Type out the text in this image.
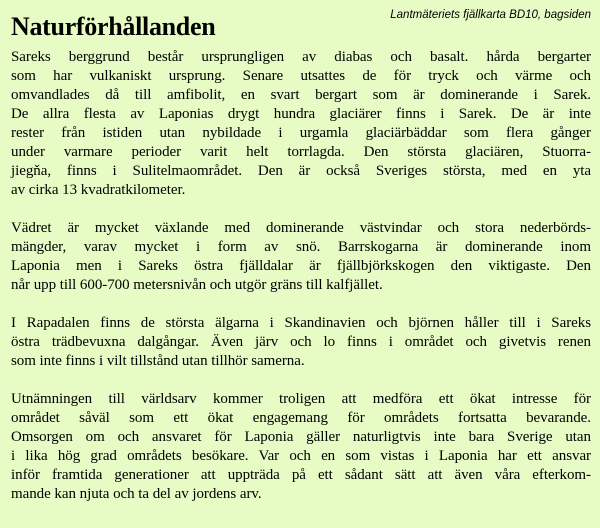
Naturförhållanden	Lantmäteriets fjällkarta BD10, bagsiden

Sareks berggrund består ursprungligen av diabas och basalt. hårda bergarter
som har vulkaniskt ursprung. Senare utsattes de för tryck och värme och
omvandlades då till amfibolit, en svart bergart som är dominerande i Sarek.
De allra flesta av Laponias drygt hundra glaciärer finns i Sarek. De är inte
rester från istiden utan nybildade i urgamla glaciärbäddar som flera gånger
under varmare perioder varit helt torrlagda. Den största glaciären, Stuorra-
jiegňa, finns i Sulitelmaområdet. Den är också Sveriges största, med en yta
av cirka 13 kvadratkilometer.

Vädret är mycket växlande med dominerande västvindar och stora nederbörds-
mängder, varav mycket i form av snö. Barrskogarna är dominerande inom
Laponia men i Sareks östra fjälldalar är fjällbjörkskogen den viktigaste. Den
når upp till 600-700 metersnivån och utgör gräns till kalfjället.

I Rapadalen finns de största älgarna i Skandinavien och björnen håller till i Sareks
östra trädbevuxna dalgångar. Även järv och lo finns i området och givetvis renen
som inte finns i vilt tillstånd utan tillhör samerna.

Utnämningen till världsarv kommer troligen att medföra ett ökat intresse för
området såväl som ett ökat engagemang för områdets fortsatta bevarande.
Omsorgen om och ansvaret för Laponia gäller naturligtvis inte bara Sverige utan
i lika hög grad områdets besökare. Var och en som vistas i Laponia har ett ansvar
inför framtida generationer att uppträda på ett sådant sätt att även våra efterkom-
mande kan njuta och ta del av jordens arv.
